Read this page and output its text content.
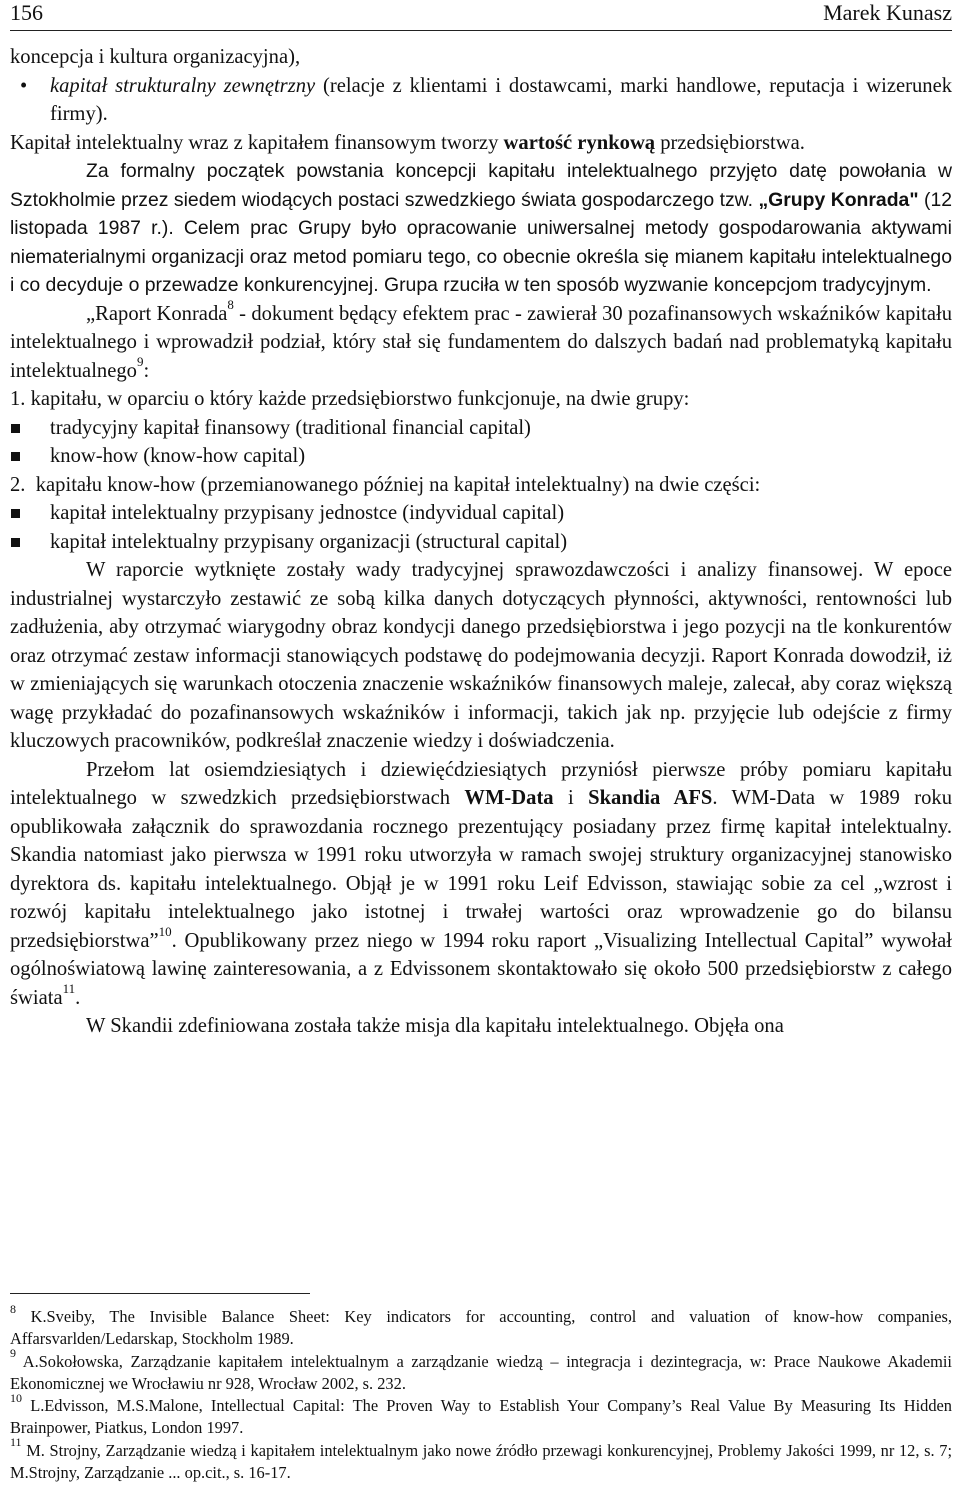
156	Marek Kunasz

koncepcja i kultura organizacyjna),

• kapitał strukturalny zewnętrzny (relacje z klientami i dostawcami, marki handlowe, reputacja i wizerunek firmy).

Kapitał intelektualny wraz z kapitałem finansowym tworzy wartość rynkową przedsiębiorstwa.

Za formalny początek powstania koncepcji kapitału intelektualnego przyjęto datę powołania w Sztokholmie przez siedem wiodących postaci szwedzkiego świata gospodarczego tzw. „Grupy Konrada" (12 listopada 1987 r.). Celem prac Grupy było opracowanie uniwersalnej metody gospodarowania aktywami niematerialnymi organizacji oraz metod pomiaru tego, co obecnie określa się mianem kapitału intelektualnego i co decyduje o przewadze konkurencyjnej. Grupa rzuciła w ten sposób wyzwanie koncepcjom tradycyjnym.

„Raport Konrada$^8$ - dokument będący efektem prac - zawierał 30 pozafinansowych wskaźników kapitału intelektualnego i wprowadził podział, który stał się fundamentem do dalszych badań nad problematyką kapitału intelektualnego$^9$:

1. kapitału, w oparciu o który każde przedsiębiorstwo funkcjonuje, na dwie grupy:

tradycyjny kapitał finansowy (traditional financial capital)

know-how (know-how capital)

2.  kapitału know-how (przemianowanego później na kapitał intelektualny) na dwie części:

kapitał intelektualny przypisany jednostce (indyvidual capital)

kapitał intelektualny przypisany organizacji (structural capital)

W raporcie wytknięte zostały wady tradycyjnej sprawozdawczości i analizy finansowej. W epoce industrialnej wystarczyło zestawić ze sobą kilka danych dotyczących płynności, aktywności, rentowności lub zadłużenia, aby otrzymać wiarygodny obraz kondycji danego przedsiębiorstwa i jego pozycji na tle konkurentów oraz otrzymać zestaw informacji stanowiących podstawę do podejmowania decyzji. Raport Konrada dowodził, iż w zmieniających się warunkach otoczenia znaczenie wskaźników finansowych maleje, zalecał, aby coraz większą wagę przykładać do pozafinansowych wskaźników i informacji, takich jak np. przyjęcie lub odejście z firmy kluczowych pracowników, podkreślał znaczenie wiedzy i doświadczenia.

Przełom lat osiemdziesiątych i dziewięćdziesiątych przyniósł pierwsze próby pomiaru kapitału intelektualnego w szwedzkich przedsiębiorstwach WM-Data i Skandia AFS. WM-Data w 1989 roku opublikowała załącznik do sprawozdania rocznego prezentujący posiadany przez firmę kapitał intelektualny. Skandia natomiast jako pierwsza w 1991 roku utworzyła w ramach swojej struktury organizacyjnej stanowisko dyrektora ds. kapitału intelektualnego. Objął je w 1991 roku Leif Edvisson, stawiając sobie za cel „wzrost i rozwój kapitału intelektualnego jako istotnej i trwałej wartości oraz wprowadzenie go do bilansu przedsiębiorstwa”$^{10}$. Opublikowany przez niego w 1994 roku raport „Visualizing Intellectual Capital” wywołał ogólnoświatową lawinę zainteresowania, a z Edvissonem skontaktowało się około 500 przedsiębiorstw z całego świata$^{11}$.

W Skandii zdefiniowana została także misja dla kapitału intelektualnego. Objęła ona

$^8$ K.Sveiby, The Invisible Balance Sheet: Key indicators for accounting, control and valuation of know-how companies, Affarsvarlden/Ledarskap, Stockholm 1989.

$^9$ A.Sokołowska, Zarządzanie kapitałem intelektualnym a zarządzanie wiedzą – integracja i dezintegracja, w: Prace Naukowe Akademii Ekonomicznej we Wrocławiu nr 928, Wrocław 2002, s. 232.

$^{10}$ L.Edvisson, M.S.Malone, Intellectual Capital: The Proven Way to Establish Your Company’s Real Value By Measuring Its Hidden Brainpower, Piatkus, London 1997.

$^{11}$ M. Strojny, Zarządzanie wiedzą i kapitałem intelektualnym jako nowe źródło przewagi konkurencyjnej, Problemy Jakości 1999, nr 12, s. 7; M.Strojny, Zarządzanie ... op.cit., s. 16-17.
